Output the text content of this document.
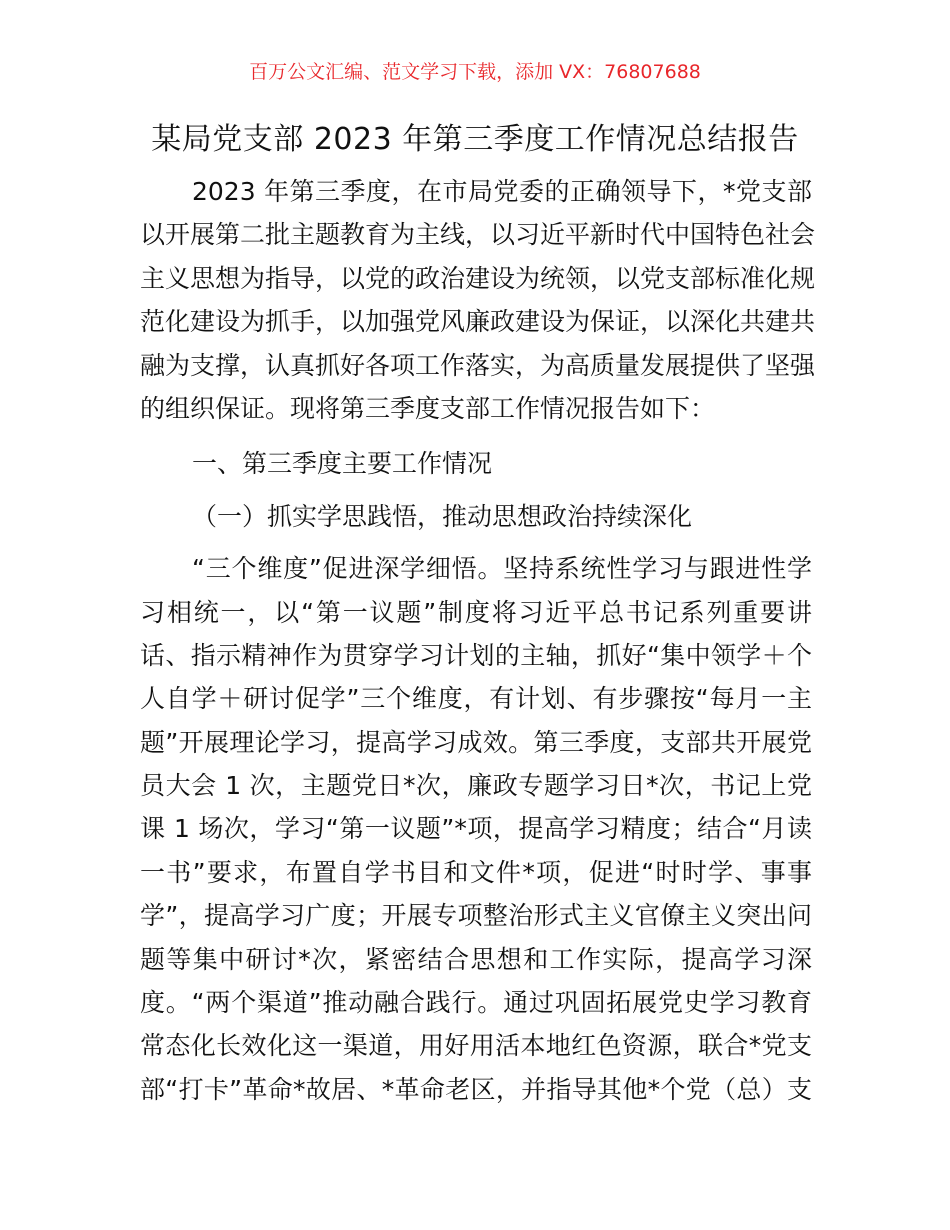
百万公文汇编、范文学习下载，添加 VX：76807688
某局党支部 2023 年第三季度工作情况总结报告
2023 年第三季度，在市局党委的正确领导下，*党支部
以开展第二批主题教育为主线，以习近平新时代中国特色社会
主义思想为指导，以党的政治建设为统领，以党支部标准化规
范化建设为抓手，以加强党风廉政建设为保证，以深化共建共
融为支撑，认真抓好各项工作落实，为高质量发展提供了坚强
的组织保证。现将第三季度支部工作情况报告如下：
一、第三季度主要工作情况
（一）抓实学思践悟，推动思想政治持续深化
“三个维度”促进深学细悟。坚持系统性学习与跟进性学
习相统一，以“第一议题”制度将习近平总书记系列重要讲
话、指示精神作为贯穿学习计划的主轴，抓好“集中领学＋个
人自学＋研讨促学”三个维度，有计划、有步骤按“每月一主
题”开展理论学习，提高学习成效。第三季度，支部共开展党
员大会 1 次，主题党日*次，廉政专题学习日*次，书记上党
课 1 场次，学习“第一议题”*项，提高学习精度；结合“月读
一书”要求，布置自学书目和文件*项，促进“时时学、事事
学”，提高学习广度；开展专项整治形式主义官僚主义突出问
题等集中研讨*次，紧密结合思想和工作实际，提高学习深
度。“两个渠道”推动融合践行。通过巩固拓展党史学习教育
常态化长效化这一渠道，用好用活本地红色资源，联合*党支
部“打卡”革命*故居、*革命老区，并指导其他*个党（总）支
